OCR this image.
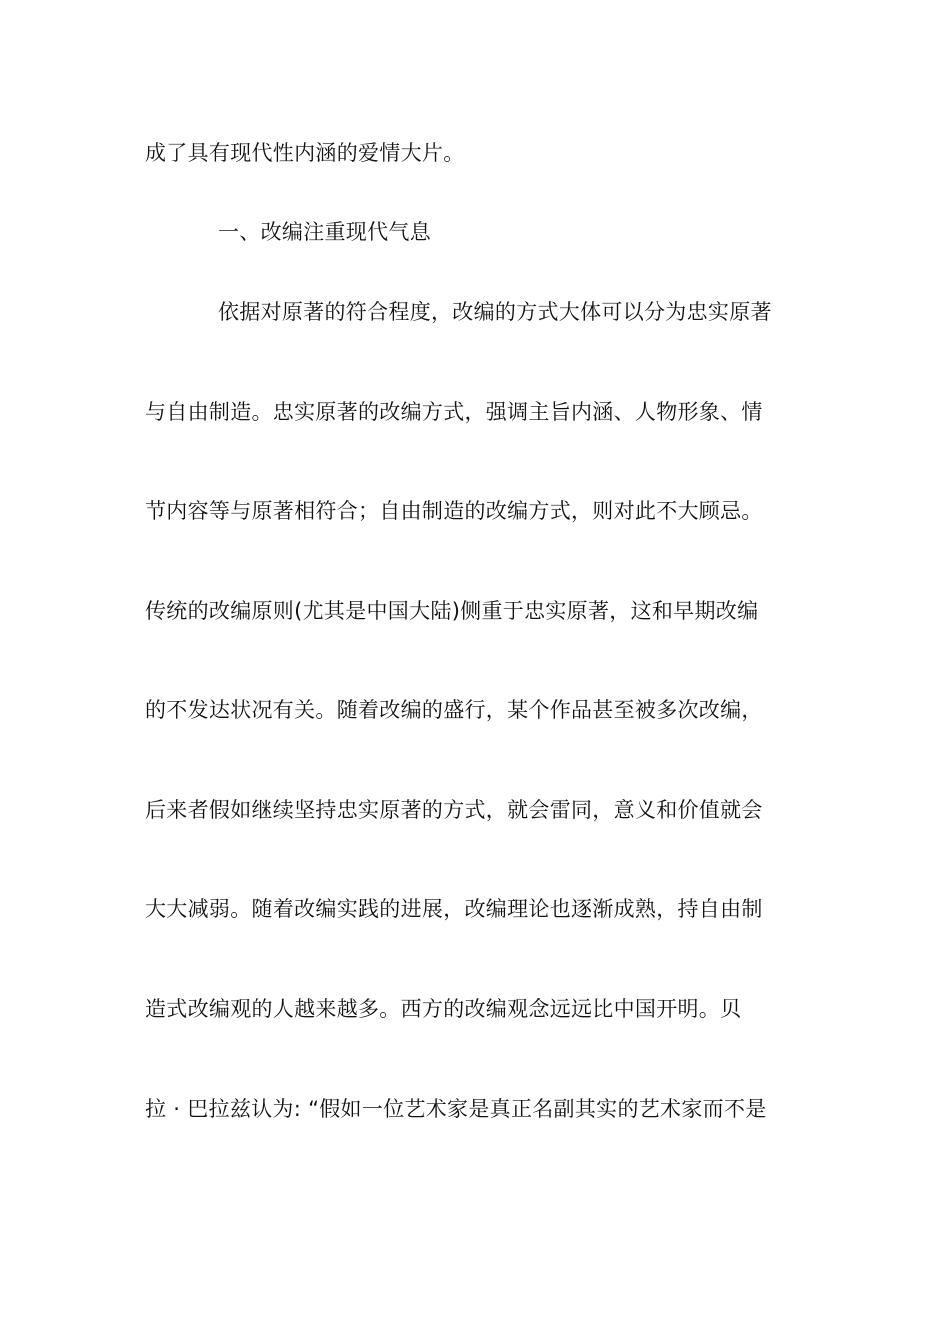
成了具有现代性内涵的爱情大片。
一、改编注重现代气息
依据对原著的符合程度，改编的方式大体可以分为忠实原著
与自由制造。忠实原著的改编方式，强调主旨内涵、人物形象、情
节内容等与原著相符合；自由制造的改编方式，则对此不大顾忌。
传统的改编原则(尤其是中国大陆)侧重于忠实原著，这和早期改编
的不发达状况有关。随着改编的盛行，某个作品甚至被多次改编，
后来者假如继续坚持忠实原著的方式，就会雷同，意义和价值就会
大大减弱。随着改编实践的进展，改编理论也逐渐成熟，持自由制
造式改编观的人越来越多。西方的改编观念远远比中国开明。贝
拉 · 巴拉兹认为: “假如一位艺术家是真正名副其实的艺术家而不是
